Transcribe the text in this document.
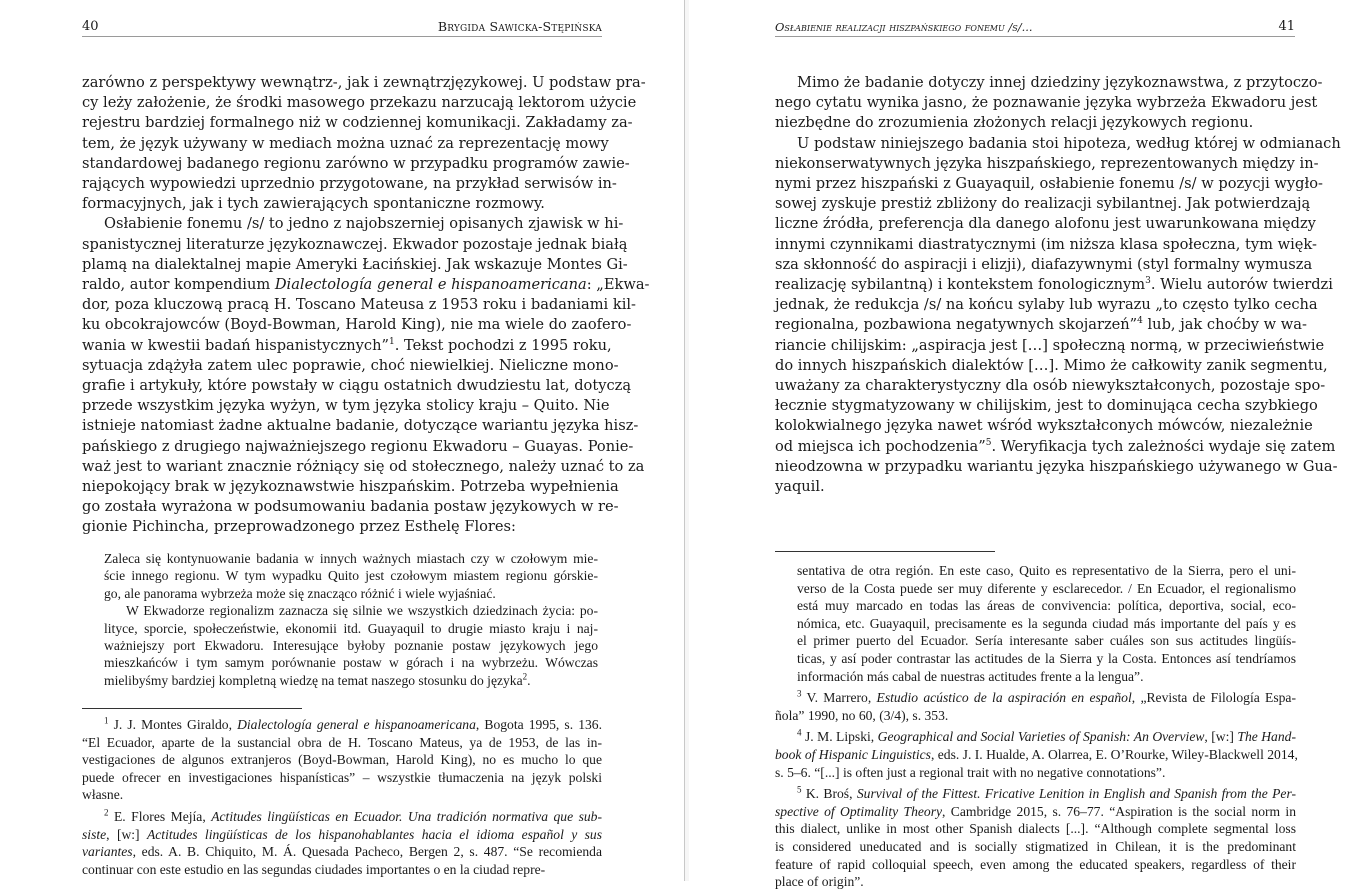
40	Brygida Sawicka-Stępińska

zarówno z perspektywy wewnątrz-, jak i zewnątrzjęzykowej. U podstaw pra-
cy leży założenie, że środki masowego przekazu narzucają lektorom użycie
rejestru bardziej formalnego niż w codziennej komunikacji. Zakładamy za-
tem, że język używany w mediach można uznać za reprezentację mowy
standardowej badanego regionu zarówno w przypadku programów zawie-
rających wypowiedzi uprzednio przygotowane, na przykład serwisów in-
formacyjnych, jak i tych zawierających spontaniczne rozmowy.

Osłabienie fonemu /s/ to jedno z najobszerniej opisanych zjawisk w hi-
spanistycznej literaturze językoznawczej. Ekwador pozostaje jednak białą
plamą na dialektalnej mapie Ameryki Łacińskiej. Jak wskazuje Montes Gi-
raldo, autor kompendium Dialectología general e hispanoamericana: „Ekwa-
dor, poza kluczową pracą H. Toscano Mateusa z 1953 roku i badaniami kil-
ku obcokrajowców (Boyd-Bowman, Harold King), nie ma wiele do zaofero-
wania w kwestii badań hispanistycznych”$^1$. Tekst pochodzi z 1995 roku,
sytuacja zdążyła zatem ulec poprawie, choć niewielkiej. Nieliczne mono-
grafie i artykuły, które powstały w ciągu ostatnich dwudziestu lat, dotyczą
przede wszystkim języka wyżyn, w tym języka stolicy kraju – Quito. Nie
istnieje natomiast żadne aktualne badanie, dotyczące wariantu języka hisz-
pańskiego z drugiego najważniejszego regionu Ekwadoru – Guayas. Ponie-
waż jest to wariant znacznie różniący się od stołecznego, należy uznać to za
niepokojący brak w językoznawstwie hiszpańskim. Potrzeba wypełnienia
go została wyrażona w podsumowaniu badania postaw językowych w re-
gionie Pichincha, przeprowadzonego przez Esthelę Flores:

Zaleca się kontynuowanie badania w innych ważnych miastach czy w czołowym mie-
ście innego regionu. W tym wypadku Quito jest czołowym miastem regionu górskie-
go, ale panorama wybrzeża może się znacząco różnić i wiele wyjaśniać.

W Ekwadorze regionalizm zaznacza się silnie we wszystkich dziedzinach życia: po-
lityce, sporcie, społeczeństwie, ekonomii itd. Guayaquil to drugie miasto kraju i naj-
ważniejszy port Ekwadoru. Interesujące byłoby poznanie postaw językowych jego
mieszkańców i tym samym porównanie postaw w górach i na wybrzeżu. Wówczas
mielibyśmy bardziej kompletną wiedzę na temat naszego stosunku do języka$^2$.

$^1$ J. J. Montes Giraldo, Dialectología general e hispanoamericana, Bogota 1995, s. 136.
“El Ecuador, aparte de la sustancial obra de H. Toscano Mateus, ya de 1953, de las in-
vestigaciones de algunos extranjeros (Boyd-Bowman, Harold King), no es mucho lo que
puede ofrecer en investigaciones hispanísticas” – wszystkie tłumaczenia na język polski
własne.

$^2$ E. Flores Mejía, Actitudes lingüísticas en Ecuador. Una tradición normativa que sub-
siste, [w:] Actitudes lingüísticas de los hispanohablantes hacia el idioma español y sus
variantes, eds. A. B. Chiquito, M. Á. Quesada Pacheco, Bergen 2, s. 487. “Se recomienda
continuar con este estudio en las segundas ciudades importantes o en la ciudad repre-

Osłabienie realizacji hiszpańskiego fonemu /s/...	41

Mimo że badanie dotyczy innej dziedziny językoznawstwa, z przytoczo-
nego cytatu wynika jasno, że poznawanie języka wybrzeża Ekwadoru jest
niezbędne do zrozumienia złożonych relacji językowych regionu.

U podstaw niniejszego badania stoi hipoteza, według której w odmianach
niekonserwatywnych języka hiszpańskiego, reprezentowanych między in-
nymi przez hiszpański z Guayaquil, osłabienie fonemu /s/ w pozycji wygło-
sowej zyskuje prestiż zbliżony do realizacji sybilantnej. Jak potwierdzają
liczne źródła, preferencja dla danego alofonu jest uwarunkowana między
innymi czynnikami diastratycznymi (im niższa klasa społeczna, tym więk-
sza skłonność do aspiracji i elizji), diafazywnymi (styl formalny wymusza
realizację sybilantną) i kontekstem fonologicznym$^3$. Wielu autorów twierdzi
jednak, że redukcja /s/ na końcu sylaby lub wyrazu „to często tylko cecha
regionalna, pozbawiona negatywnych skojarzeń”$^4$ lub, jak choćby w wa-
riancie chilijskim: „aspiracja jest […] społeczną normą, w przeciwieństwie
do innych hiszpańskich dialektów […]. Mimo że całkowity zanik segmentu,
uważany za charakterystyczny dla osób niewykształconych, pozostaje spo-
łecznie stygmatyzowany w chilijskim, jest to dominująca cecha szybkiego
kolokwialnego języka nawet wśród wykształconych mówców, niezależnie
od miejsca ich pochodzenia”$^5$. Weryfikacja tych zależności wydaje się zatem
nieodzowna w przypadku wariantu języka hiszpańskiego używanego w Gua-
yaquil.

sentativa de otra región. En este caso, Quito es representativo de la Sierra, pero el uni-
verso de la Costa puede ser muy diferente y esclarecedor. / En Ecuador, el regionalismo
está muy marcado en todas las áreas de convivencia: política, deportiva, social, eco-
nómica, etc. Guayaquil, precisamente es la segunda ciudad más importante del país y es
el primer puerto del Ecuador. Sería interesante saber cuáles son sus actitudes lingüís-
ticas, y así poder contrastar las actitudes de la Sierra y la Costa. Entonces así tendríamos
información más cabal de nuestras actitudes frente a la lengua”.

$^3$ V. Marrero, Estudio acústico de la aspiración en español, „Revista de Filología Espa-
ñola” 1990, no 60, (3/4), s. 353.

$^4$ J. M. Lipski, Geographical and Social Varieties of Spanish: An Overview, [w:] The Hand-
book of Hispanic Linguistics, eds. J. I. Hualde, A. Olarrea, E. O’Rourke, Wiley-Blackwell 2014,
s. 5–6. “[...] is often just a regional trait with no negative connotations”.

$^5$ K. Broś, Survival of the Fittest. Fricative Lenition in English and Spanish from the Per-
spective of Optimality Theory, Cambridge 2015, s. 76–77. “Aspiration is the social norm in
this dialect, unlike in most other Spanish dialects [...]. “Although complete segmental loss
is considered uneducated and is socially stigmatized in Chilean, it is the predominant
feature of rapid colloquial speech, even among the educated speakers, regardless of their
place of origin”.
